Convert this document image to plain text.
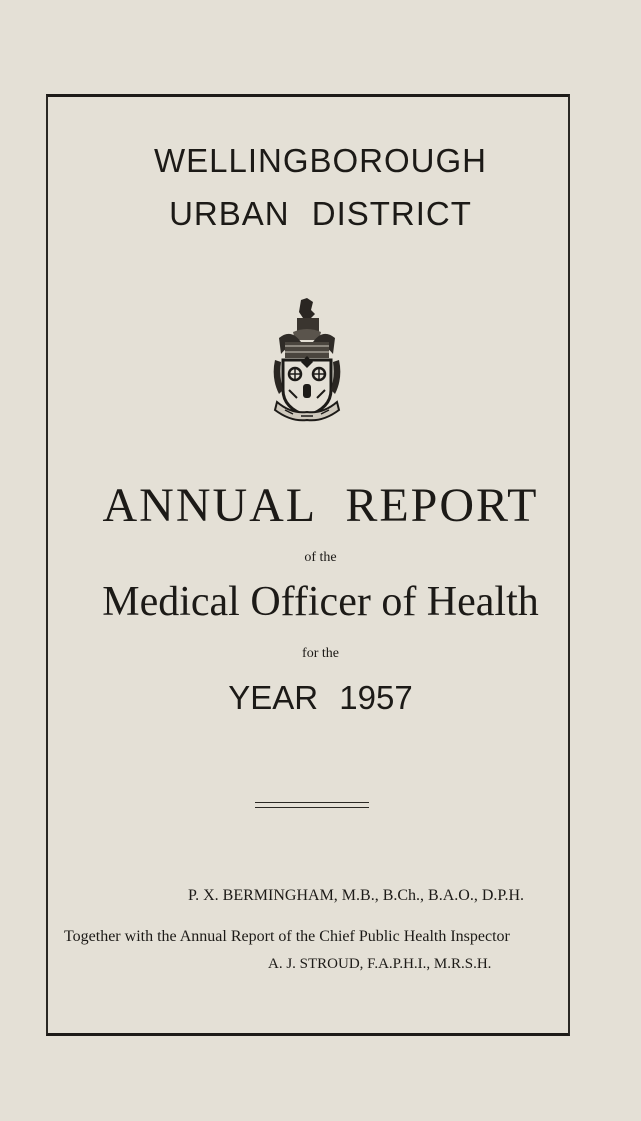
WELLINGBOROUGH
URBAN DISTRICT
ANNUAL REPORT
of the
Medical Officer of Health
for the
YEAR 1957
P. X. BERMINGHAM, M.B., B.Ch., B.A.O., D.P.H.
Together with the Annual Report of the Chief Public Health Inspector
A. J. STROUD, F.A.P.H.I., M.R.S.H.
